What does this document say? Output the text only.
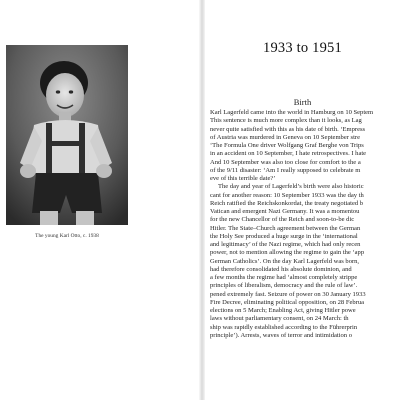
The young Karl Otto, c. 1938
1933 to 1951
Birth
Karl Lagerfeld came into the world in Hamburg on 10 Septem
This sentence is much more complex than it looks, as Lag
never quite satisfied with this as his date of birth. ‘Empress
of Austria was murdered in Geneva on 10 September stre
‘The Formula One driver Wolfgang Graf Berghe von Trips
in an accident on 10 September, I hate retrospectives. I hate
And 10 September was also too close for comfort to the a
of the 9/11 disaster: ‘Am I really supposed to celebrate m
eve of this terrible date?’
The day and year of Lagerfeld’s birth were also historic
cant for another reason: 10 September 1933 was the day th
Reich ratified the Reichskonkordat, the treaty negotiated b
Vatican and emergent Nazi Germany. It was a momentou
for the new Chancellor of the Reich and soon-to-be dic
Hitler. The State–Church agreement between the German
the Holy See produced a huge surge in the ‘international
and legitimacy’ of the Nazi regime, which had only recen
power, not to mention allowing the regime to gain the ‘app
German Catholics’. On the day Karl Lagerfeld was born,
had therefore consolidated his absolute dominion, and
a few months the regime had ‘almost completely strippe
principles of liberalism, democracy and the rule of law’.
pened extremely fast. Seizure of power on 30 January 1933
Fire Decree, eliminating political opposition, on 28 Februa
elections on 5 March; Enabling Act, giving Hitler powe
laws without parliamentary consent, on 24 March: th
ship was rapidly established according to the Führerprin
principle’). Arrests, waves of terror and intimidation o
